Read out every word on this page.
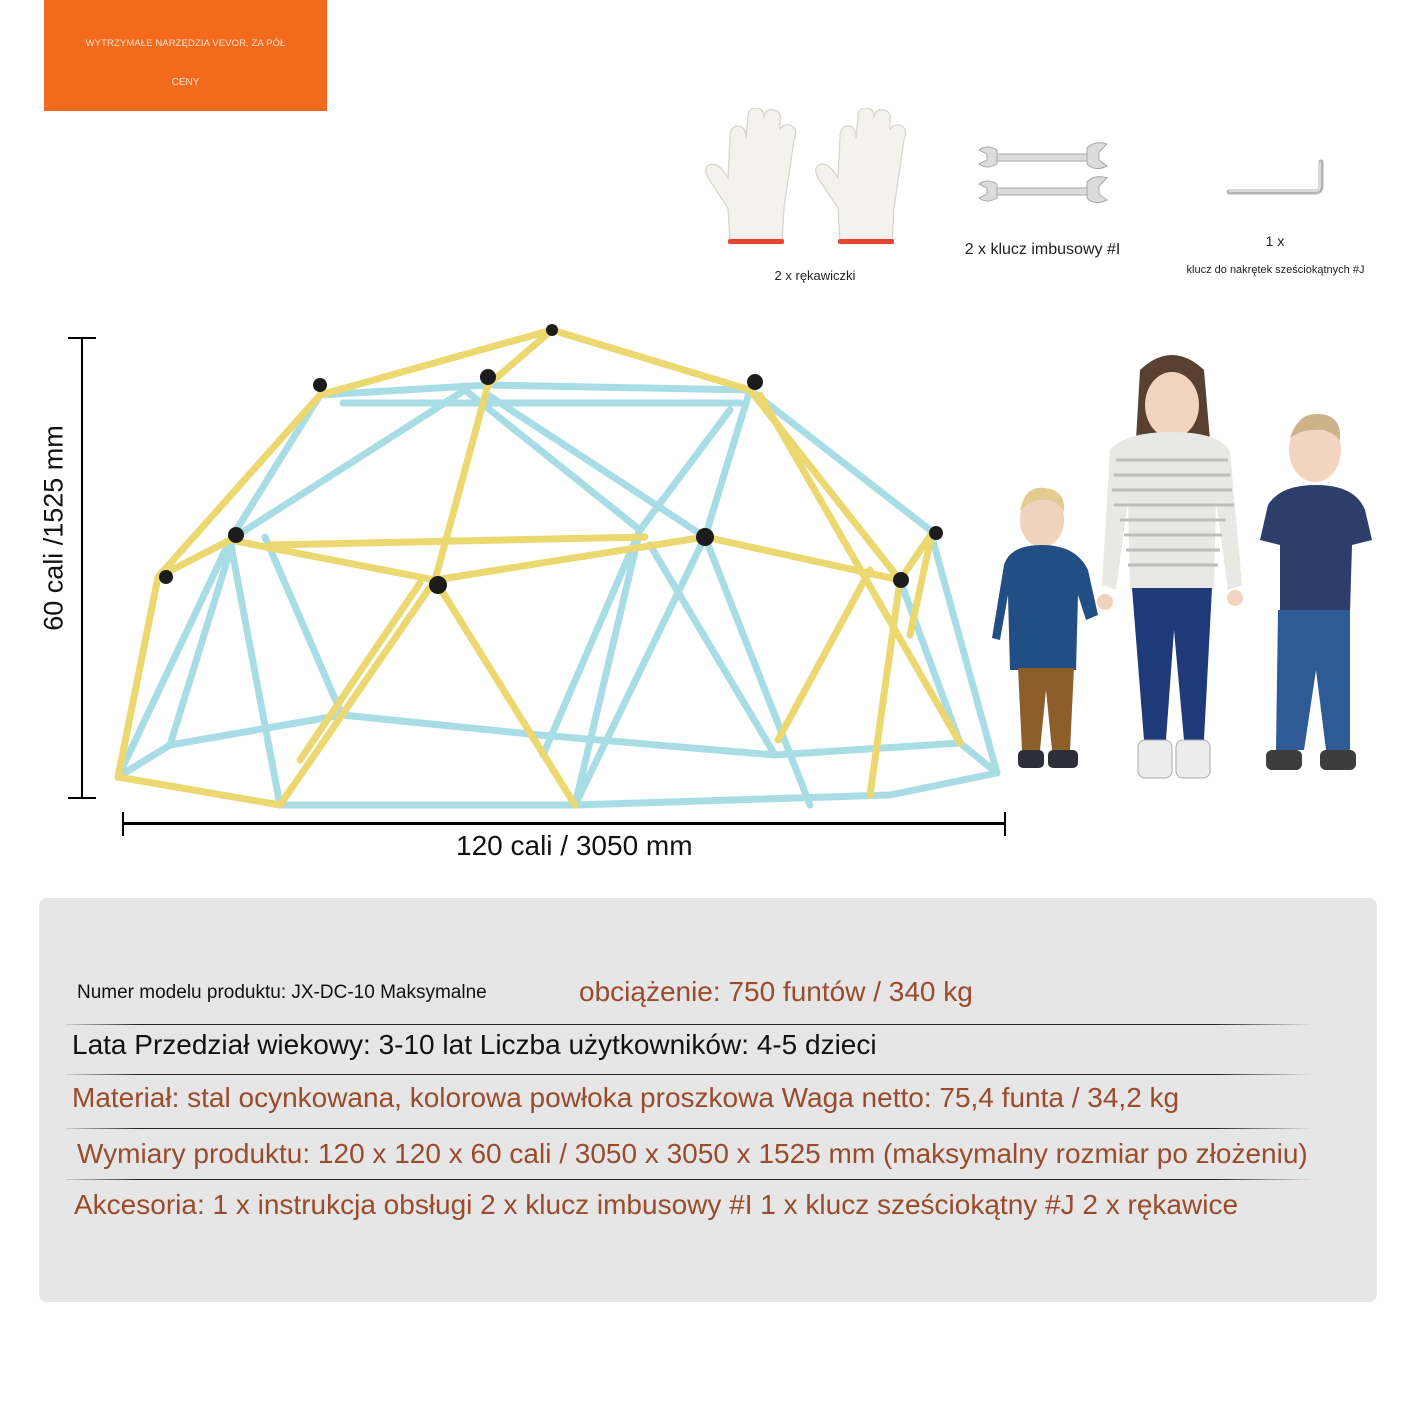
WYTRZYMAŁE NARZĘDZIA VEVOR, ZA PÓŁ
CENY
2 x rękawiczki
2 x klucz imbusowy #I	1 x
klucz do nakrętek sześciokątnych #J
60 cali /1525 mm
120 cali / 3050 mm
Numer modelu produktu: JX-DC-10 Maksymalne	obciążenie: 750 funtów / 340 kg
Lata Przedział wiekowy: 3-10 lat Liczba użytkowników: 4-5 dzieci
Materiał: stal ocynkowana, kolorowa powłoka proszkowa Waga netto: 75,4 funta / 34,2 kg
Wymiary produktu: 120 x 120 x 60 cali / 3050 x 3050 x 1525 mm (maksymalny rozmiar po złożeniu)
Akcesoria: 1 x instrukcja obsługi 2 x klucz imbusowy #I 1 x klucz sześciokątny #J 2 x rękawice
